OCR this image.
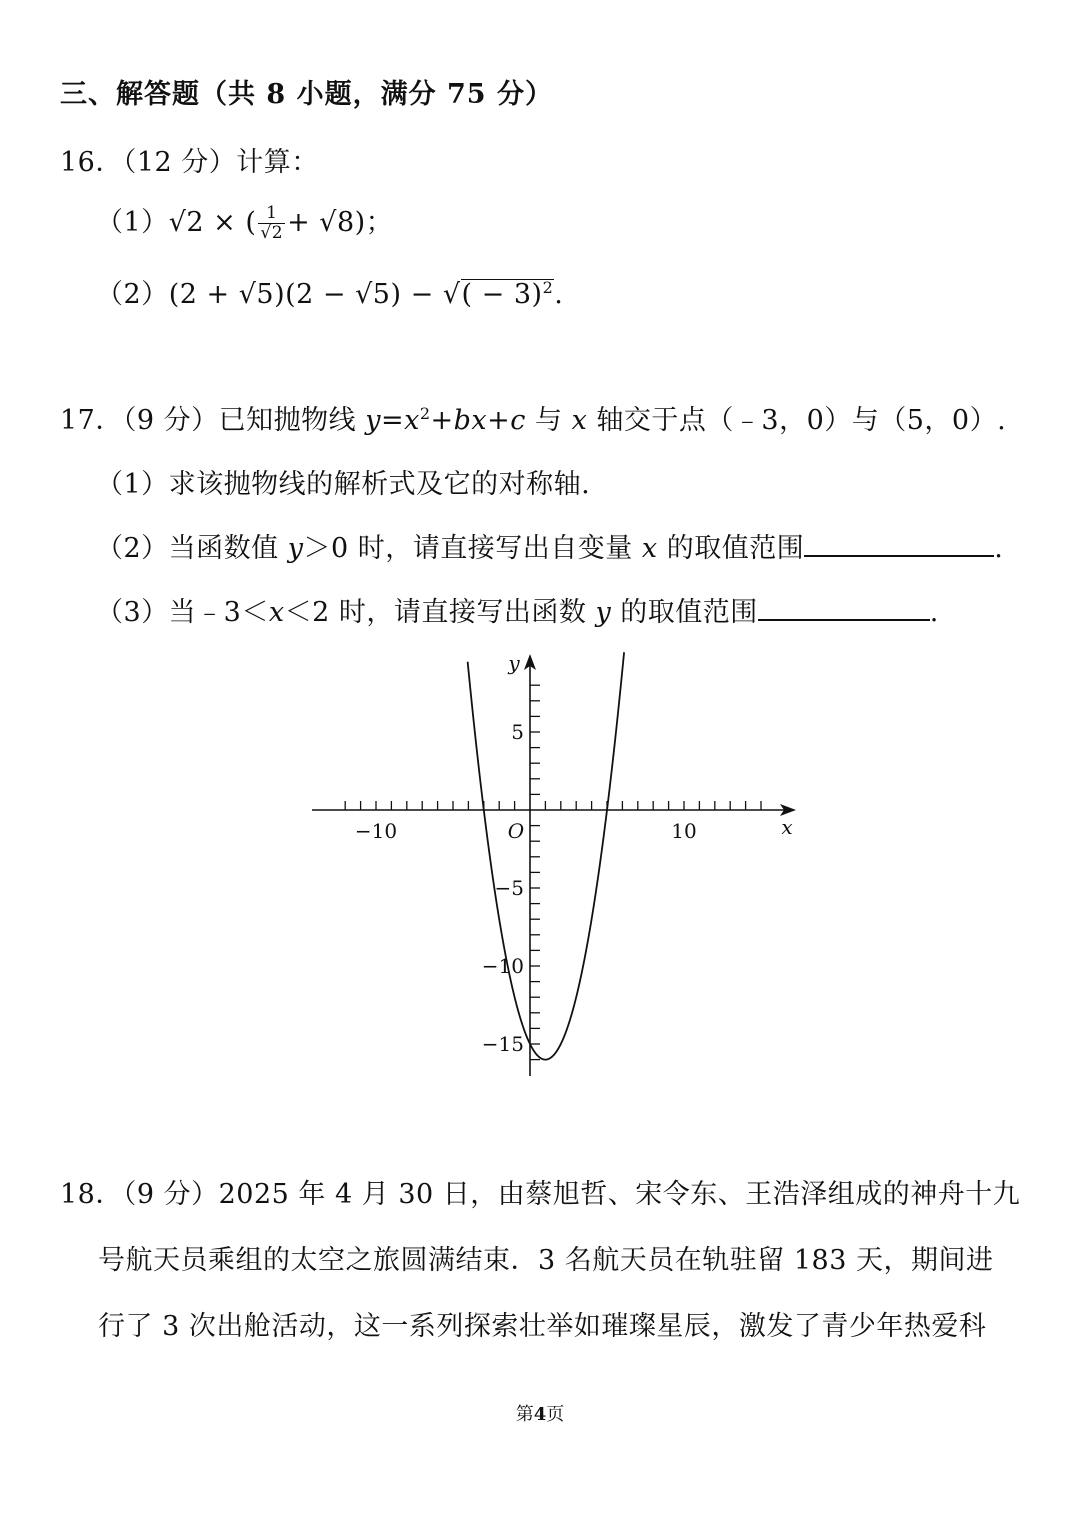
三、解答题（共 8 小题，满分 75 分）
16．（12 分）计算：
（1）√2 × ( $\frac{1}{√2} + √8$)；
（2）(2 + √5)(2 − √5) − √( − 3)$^2$.
17．（9 分）已知抛物线 $y=x^2+bx+c$ 与 x 轴交于点（﹣3，0）与（5，0）.
（1）求该抛物线的解析式及它的对称轴.
（2）当函数值 y＞0 时，请直接写出自变量 x 的取值范围	.
（3）当﹣3＜x＜2 时，请直接写出函数 y 的取值范围	.
−10	10
5
−5
−10
−15
O	x
y
18．（9 分）2025 年 4 月 30 日，由蔡旭哲、宋令东、王浩泽组成的神舟十九
号航天员乘组的太空之旅圆满结束．3 名航天员在轨驻留 183 天，期间进
行了 3 次出舱活动，这一系列探索壮举如璀璨星辰，激发了青少年热爱科
第4页
